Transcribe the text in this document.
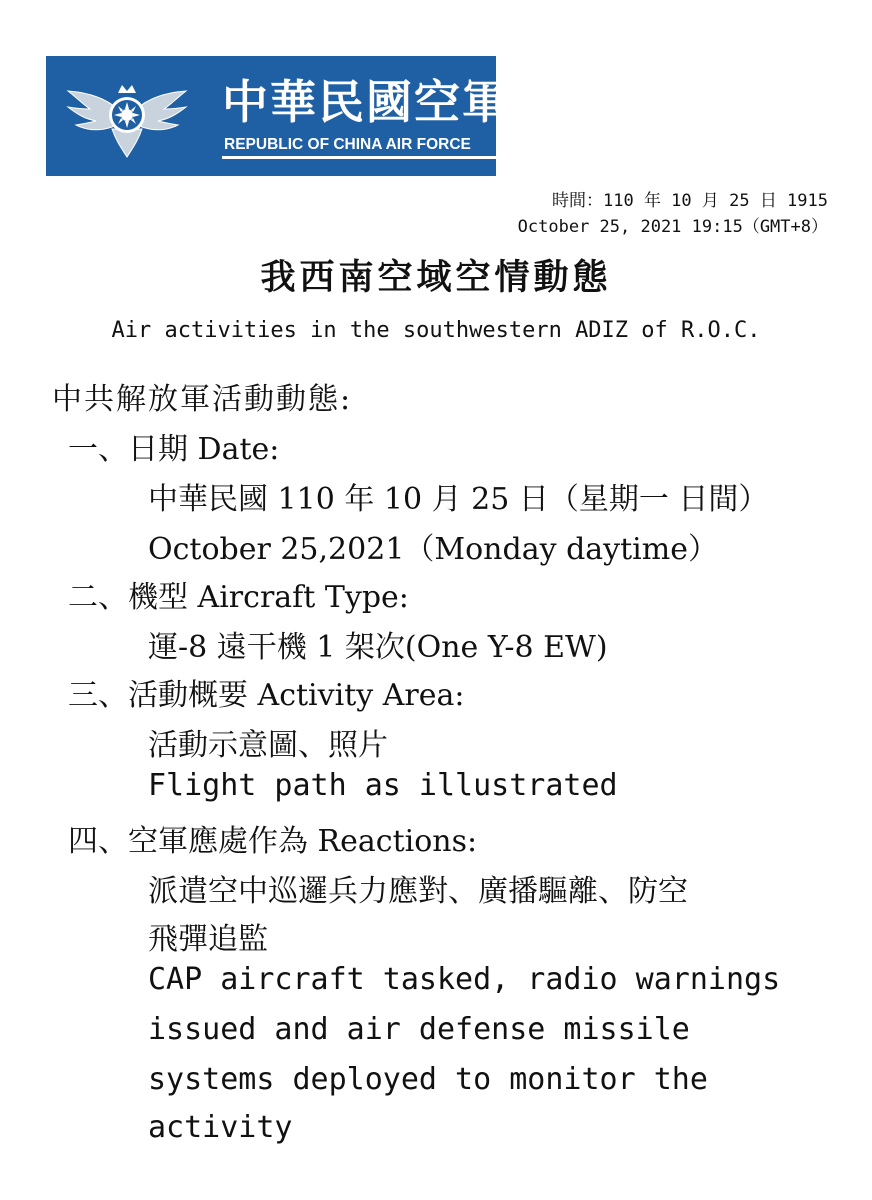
中華民國空軍
REPUBLIC OF CHINA AIR FORCE
時間：110 年 10 月 25 日 1915
October 25, 2021 19:15（GMT+8）
我西南空域空情動態
Air activities in the southwestern ADIZ of R.O.C.
中共解放軍活動動態:
一、日期 Date:
中華民國 110 年 10 月 25 日（星期一 日間）
October 25,2021（Monday daytime）
二、機型 Aircraft Type:
運-8 遠干機 1 架次(One Y-8 EW)
三、活動概要 Activity Area:
活動示意圖、照片
Flight path as illustrated
四、空軍應處作為 Reactions:
派遣空中巡邏兵力應對、廣播驅離、防空
飛彈追監
CAP aircraft tasked, radio warnings
issued and air defense missile
systems deployed to monitor the
activity
